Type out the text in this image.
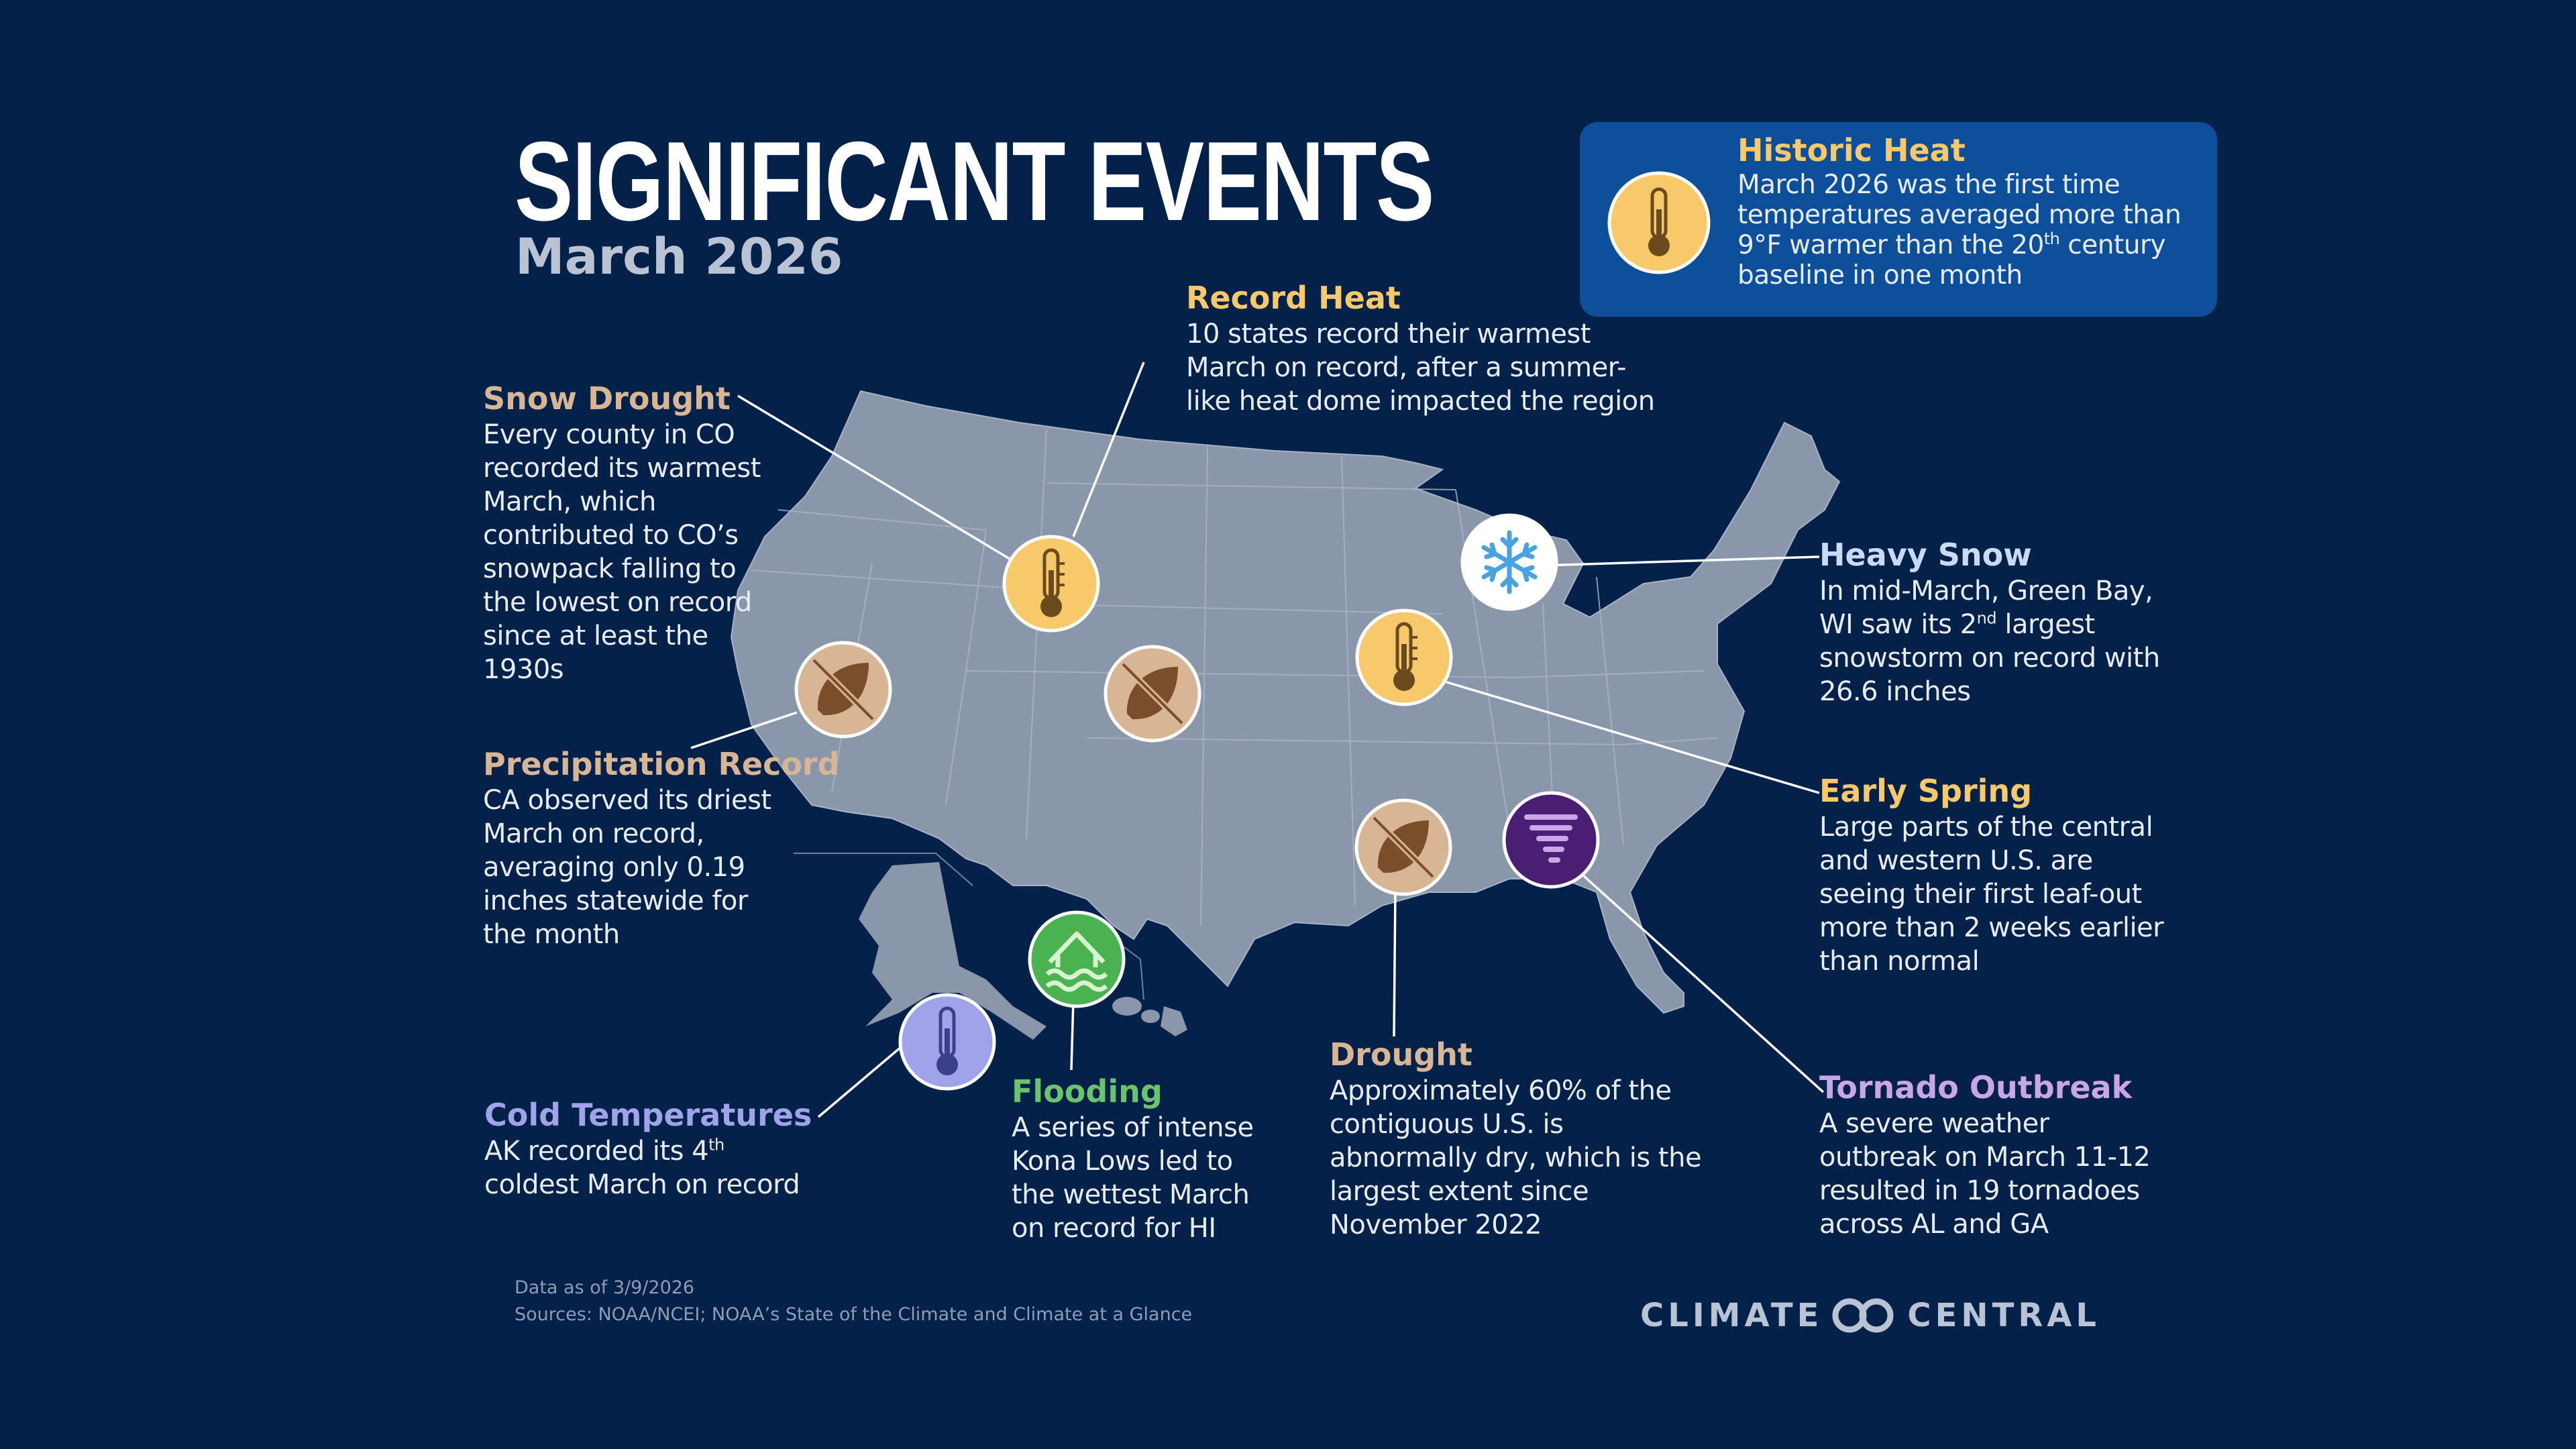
SIGNIFICANT EVENTS
March 2026
Historic Heat
March 2026 was the first time
temperatures averaged more than
9°F warmer than the 20th century
baseline in one month
Record Heat
10 states record their warmest
March on record, after a summer-
like heat dome impacted the region
Snow Drought
Every county in CO
recorded its warmest
March, which
contributed to CO’s
snowpack falling to
the lowest on record
since at least the
1930s
Precipitation Record
CA observed its driest
March on record,
averaging only 0.19
inches statewide for
the month
Heavy Snow
In mid-March, Green Bay,
WI saw its 2nd largest
snowstorm on record with
26.6 inches
Early Spring
Large parts of the central
and western U.S. are
seeing their first leaf-out
more than 2 weeks earlier
than normal
Drought
Approximately 60% of the
contiguous U.S. is
abnormally dry, which is the
largest extent since
November 2022
Tornado Outbreak
A severe weather
outbreak on March 11-12
resulted in 19 tornadoes
across AL and GA
Flooding
A series of intense
Kona Lows led to
the wettest March
on record for HI
Cold Temperatures
AK recorded its 4th
coldest March on record
Data as of 3/9/2026
Sources: NOAA/NCEI; NOAA’s State of the Climate and Climate at a Glance	CLIMATE	CENTRAL
